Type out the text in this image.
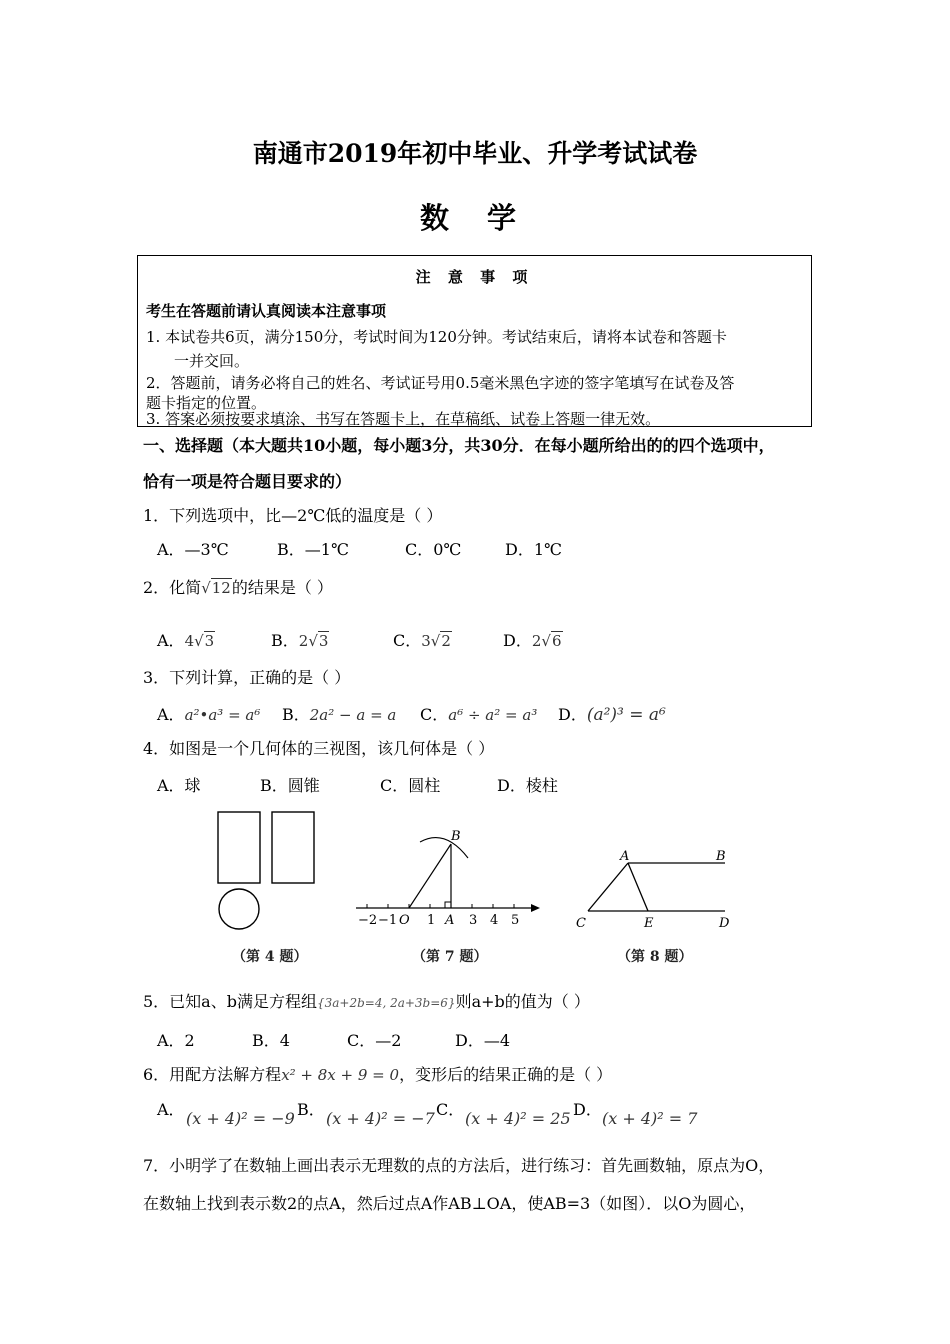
南通市2019年初中毕业、升学考试试卷
数 学
注 意 事 项
考生在答题前请认真阅读本注意事项
1. 本试卷共6页，满分150分，考试时间为120分钟。考试结束后，请将本试卷和答题卡
一并交回。
2．答题前，请务必将自己的姓名、考试证号用0.5毫米黑色字迹的签字笔填写在试卷及答
题卡指定的位置。
3. 答案必须按要求填涂、书写在答题卡上，在草稿纸、试卷上答题一律无效。
一、选择题（本大题共10小题，每小题3分，共30分．在每小题所给出的的四个选项中，
恰有一项是符合题目要求的）
1．下列选项中，比—2℃低的温度是（ ）
A．—3℃	B．—1℃	C．0℃	D．1℃
2．化简√12的结果是（ ）
A．4√3	B．2√3	C．3√2	D．2√6
3．下列计算，正确的是（ ）
A．a²•a³ = a⁶ B．2a² − a = a C．a⁶ ÷ a² = a³ D．(a²)³ = a⁶
4．如图是一个几何体的三视图，该几何体是（ ）
A．球	B．圆锥	C．圆柱	D．棱柱
（第 4 题）
B
O	A
−2 −1 1	3 4 5
（第 7 题）
A	B
C	E	D
（第 8 题）
5．已知a、b满足方程组{3a+2b=4, 2a+3b=6}则a+b的值为（ ）
A．2	B．4	C．—2	D．—4
6．用配方法解方程x² + 8x + 9 = 0，变形后的结果正确的是（ ）
A． (x + 4)² = −9 B． (x + 4)² = −7 C． (x + 4)² = 25 D． (x + 4)² = 7
7．小明学了在数轴上画出表示无理数的点的方法后，进行练习：首先画数轴，原点为O，
在数轴上找到表示数2的点A，然后过点A作AB⊥OA，使AB=3（如图）．以O为圆心，
